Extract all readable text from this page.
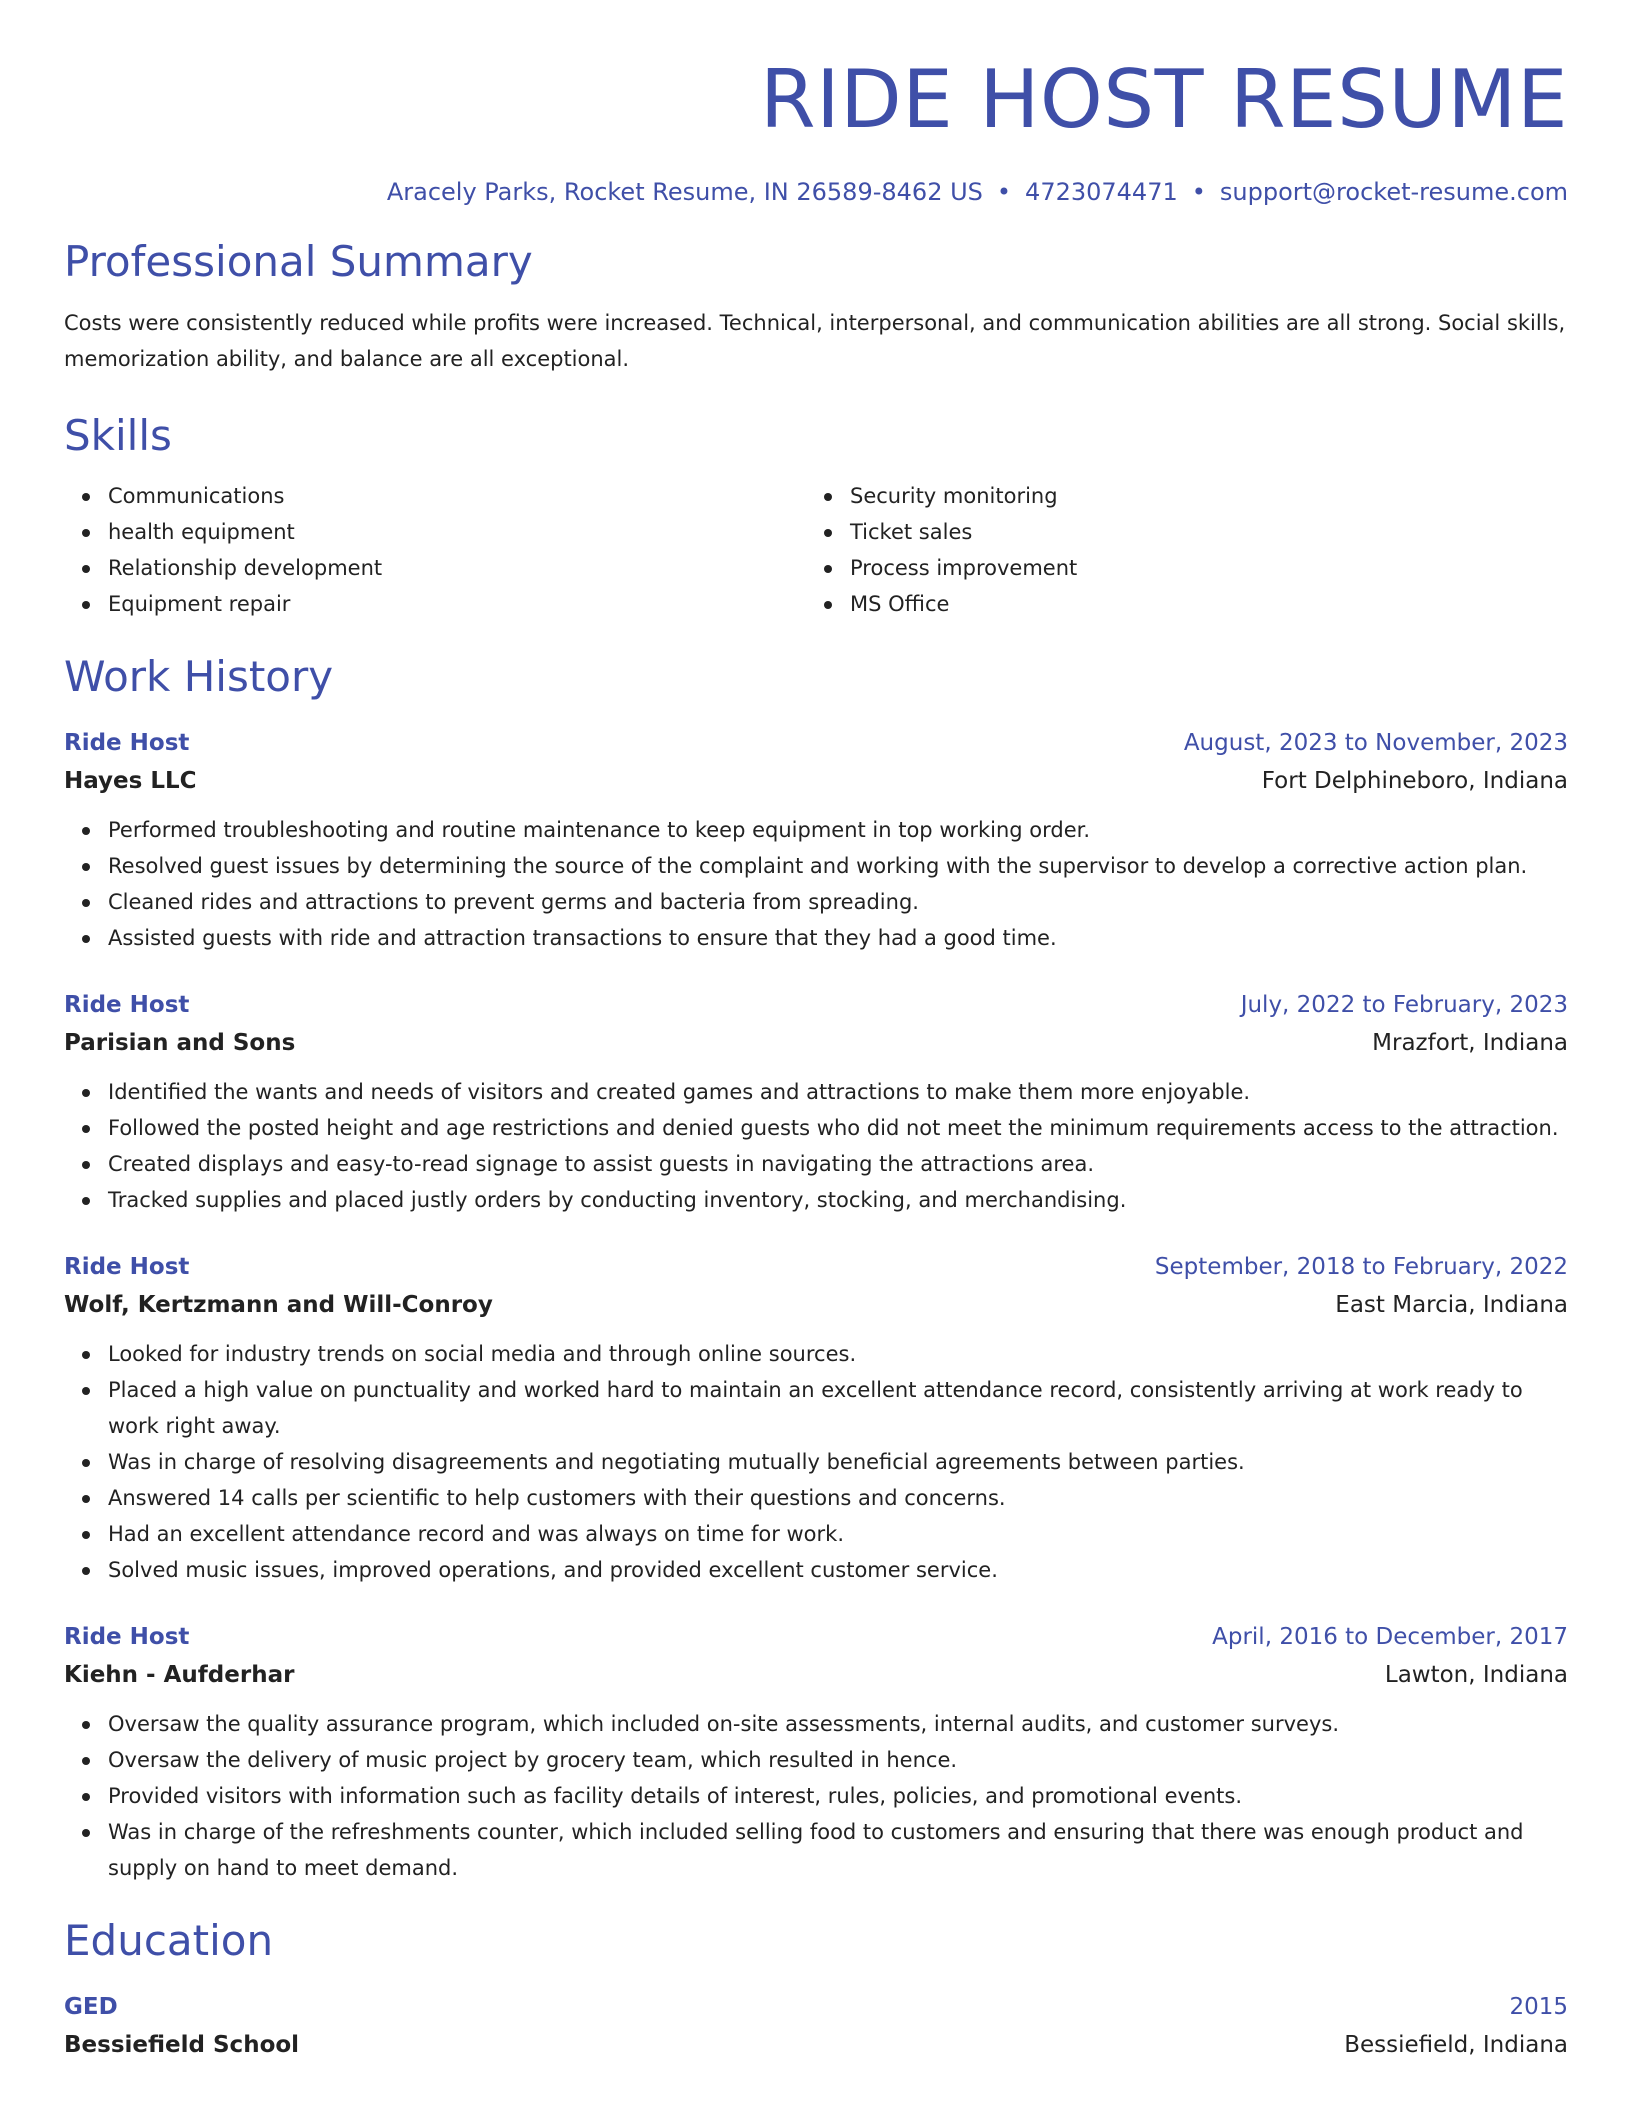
RIDE HOST RESUME
Aracely Parks, Rocket Resume, IN 26589-8462 US • 4723074471 • support@rocket-resume.com
Professional Summary
Costs were consistently reduced while profits were increased. Technical, interpersonal, and communication abilities are all strong. Social skills, memorization ability, and balance are all exceptional.
Skills
Communications
health equipment
Relationship development
Equipment repair
Security monitoring
Ticket sales
Process improvement
MS Office
Work History
Ride Host	August, 2023 to November, 2023
Hayes LLC	Fort Delphineboro, Indiana
Performed troubleshooting and routine maintenance to keep equipment in top working order.
Resolved guest issues by determining the source of the complaint and working with the supervisor to develop a corrective action plan.
Cleaned rides and attractions to prevent germs and bacteria from spreading.
Assisted guests with ride and attraction transactions to ensure that they had a good time.
Ride Host	July, 2022 to February, 2023
Parisian and Sons	Mrazfort, Indiana
Identified the wants and needs of visitors and created games and attractions to make them more enjoyable.
Followed the posted height and age restrictions and denied guests who did not meet the minimum requirements access to the attraction.
Created displays and easy-to-read signage to assist guests in navigating the attractions area.
Tracked supplies and placed justly orders by conducting inventory, stocking, and merchandising.
Ride Host	September, 2018 to February, 2022
Wolf, Kertzmann and Will-Conroy	East Marcia, Indiana
Looked for industry trends on social media and through online sources.
Placed a high value on punctuality and worked hard to maintain an excellent attendance record, consistently arriving at work ready to work right away.
Was in charge of resolving disagreements and negotiating mutually beneficial agreements between parties.
Answered 14 calls per scientific to help customers with their questions and concerns.
Had an excellent attendance record and was always on time for work.
Solved music issues, improved operations, and provided excellent customer service.
Ride Host	April, 2016 to December, 2017
Kiehn - Aufderhar	Lawton, Indiana
Oversaw the quality assurance program, which included on-site assessments, internal audits, and customer surveys.
Oversaw the delivery of music project by grocery team, which resulted in hence.
Provided visitors with information such as facility details of interest, rules, policies, and promotional events.
Was in charge of the refreshments counter, which included selling food to customers and ensuring that there was enough product and supply on hand to meet demand.
Education
GED	2015
Bessiefield School	Bessiefield, Indiana
